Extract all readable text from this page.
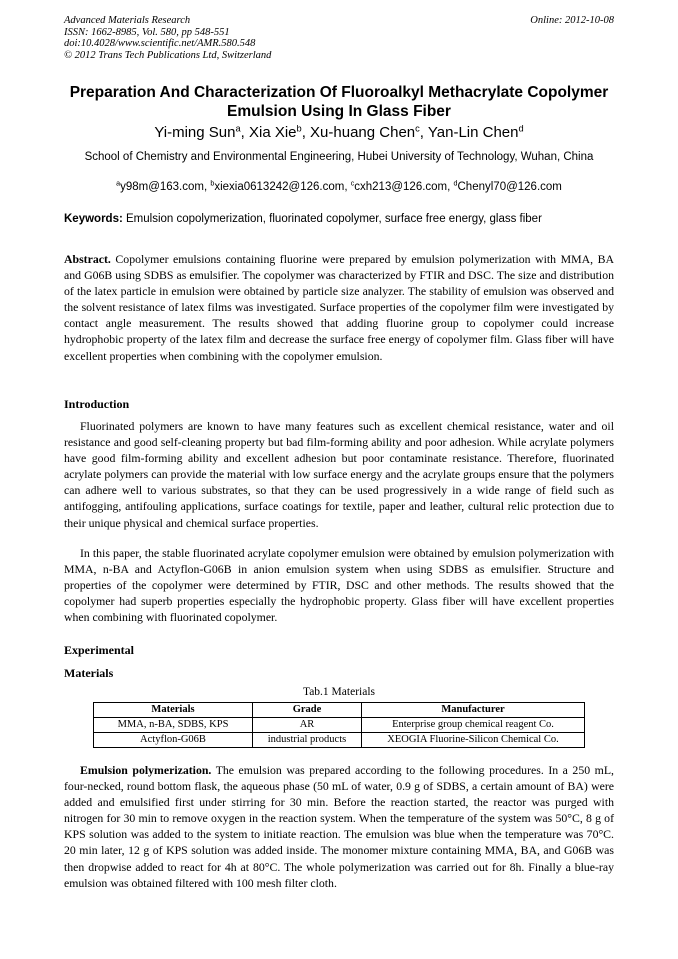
Advanced Materials Research
ISSN: 1662-8985, Vol. 580, pp 548-551
doi:10.4028/www.scientific.net/AMR.580.548
© 2012 Trans Tech Publications Ltd, Switzerland
Online: 2012-10-08
Preparation And Characterization Of Fluoroalkyl Methacrylate Copolymer Emulsion Using In Glass Fiber
Yi-ming Sun$^a$, Xia Xie$^b$, Xu-huang Chen$^c$, Yan-Lin Chen$^d$
School of Chemistry and Environmental Engineering, Hubei University of Technology, Wuhan, China
$^a$y98m@163.com, $^b$xiexia0613242@126.com, $^c$cxh213@126.com, $^d$Chenyl70@126.com
Keywords: Emulsion copolymerization, fluorinated copolymer, surface free energy, glass fiber
Abstract. Copolymer emulsions containing fluorine were prepared by emulsion polymerization with MMA, BA and G06B using SDBS as emulsifier. The copolymer was characterized by FTIR and DSC. The size and distribution of the latex particle in emulsion were obtained by particle size analyzer. The stability of emulsion was observed and the solvent resistance of latex films was investigated. Surface properties of the copolymer film were investigated by contact angle measurement. The results showed that adding fluorine group to copolymer could increase hydrophobic property of the latex film and decrease the surface free energy of copolymer film. Glass fiber will have excellent properties when combining with the copolymer emulsion.
Introduction
Fluorinated polymers are known to have many features such as excellent chemical resistance, water and oil resistance and good self-cleaning property but bad film-forming ability and poor adhesion. While acrylate polymers have good film-forming ability and excellent adhesion but poor contaminate resistance. Therefore, fluorinated acrylate polymers can provide the material with low surface energy and the acrylate groups ensure that the polymers can adhere well to various substrates, so that they can be used progressively in a wide range of field such as antifogging, antifouling applications, surface coatings for textile, paper and leather, cultural relic protection due to their unique physical and chemical surface properties.
In this paper, the stable fluorinated acrylate copolymer emulsion were obtained by emulsion polymerization with MMA, n-BA and Actyflon-G06B in anion emulsion system when using SDBS as emulsifier. Structure and properties of the copolymer were determined by FTIR, DSC and other methods. The results showed that the copolymer had superb properties especially the hydrophobic property. Glass fiber will have excellent properties when combining with fluorinated copolymer.
Experimental
Materials
Tab.1 Materials
Materials	Grade	Manufacturer
MMA, n-BA, SDBS, KPS	AR	Enterprise group chemical reagent Co.
Actyflon-G06B	industrial products	XEOGIA Fluorine-Silicon Chemical Co.
Emulsion polymerization. The emulsion was prepared according to the following procedures. In a 250 mL, four-necked, round bottom flask, the aqueous phase (50 mL of water, 0.9 g of SDBS, a certain amount of BA) were added and emulsified first under stirring for 30 min. Before the reaction started, the reactor was purged with nitrogen for 30 min to remove oxygen in the reaction system. When the temperature of the system was 50°C, 8 g of KPS solution was added to the system to initiate reaction. The emulsion was blue when the temperature was 70°C. 20 min later, 12 g of KPS solution was added inside. The monomer mixture containing MMA, BA, and G06B was then dropwise added to react for 4h at 80°C. The whole polymerization was carried out for 8h. Finally a blue-ray emulsion was obtained filtered with 100 mesh filter cloth.
